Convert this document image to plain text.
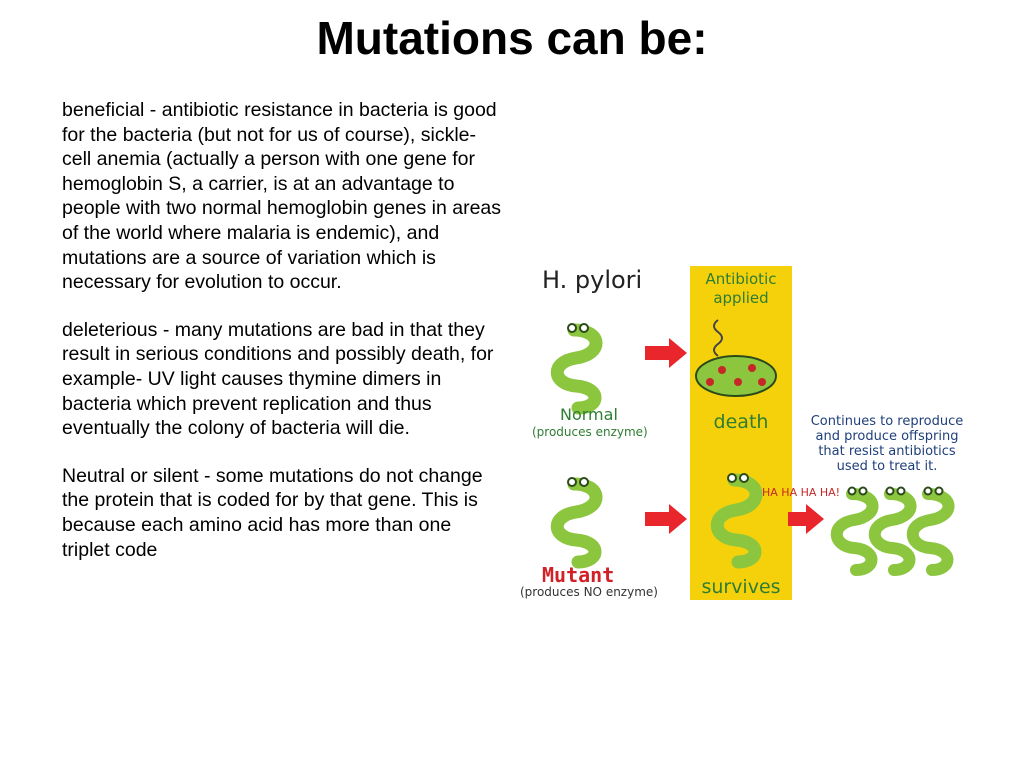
Mutations can be:

beneficial - antibiotic resistance in bacteria is good for the bacteria (but not for us of course), sickle-cell anemia (actually a person with one gene for hemoglobin S, a carrier, is at an advantage to people with two normal hemoglobin genes in areas of the world where malaria is endemic), and mutations are a source of variation which is necessary for evolution to occur.

deleterious - many mutations are bad in that they result in serious conditions and possibly death, for example- UV light causes thymine dimers in bacteria which prevent replication and thus eventually the colony of bacteria will die.

Neutral or silent - some mutations do not change the protein that is coded for by that gene. This is because each amino acid has more than one triplet code

H. pylori	Antibiotic
applied
Normal
(produces enzyme)	death	Continues to reproduce
and produce offspring
that resist antibiotics
used to treat it.
HA HA HA HA!
Mutant
(produces NO enzyme)	survives
